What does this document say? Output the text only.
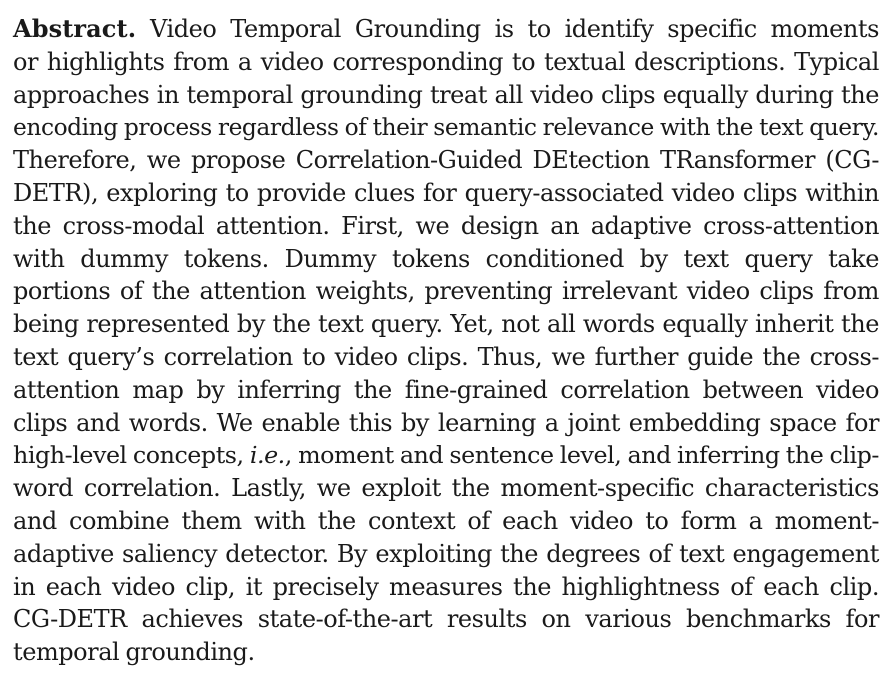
Abstract. Video Temporal Grounding is to identify specific moments
or highlights from a video corresponding to textual descriptions. Typical
approaches in temporal grounding treat all video clips equally during the
encoding process regardless of their semantic relevance with the text query.
Therefore, we propose Correlation-Guided DEtection TRansformer (CG-
DETR), exploring to provide clues for query-associated video clips within
the cross-modal attention. First, we design an adaptive cross-attention
with dummy tokens. Dummy tokens conditioned by text query take
portions of the attention weights, preventing irrelevant video clips from
being represented by the text query. Yet, not all words equally inherit the
text query’s correlation to video clips. Thus, we further guide the cross-
attention map by inferring the fine-grained correlation between video
clips and words. We enable this by learning a joint embedding space for
high-level concepts, i.e., moment and sentence level, and inferring the clip-
word correlation. Lastly, we exploit the moment-specific characteristics
and combine them with the context of each video to form a moment-
adaptive saliency detector. By exploiting the degrees of text engagement
in each video clip, it precisely measures the highlightness of each clip.
CG-DETR achieves state-of-the-art results on various benchmarks for
temporal grounding.
